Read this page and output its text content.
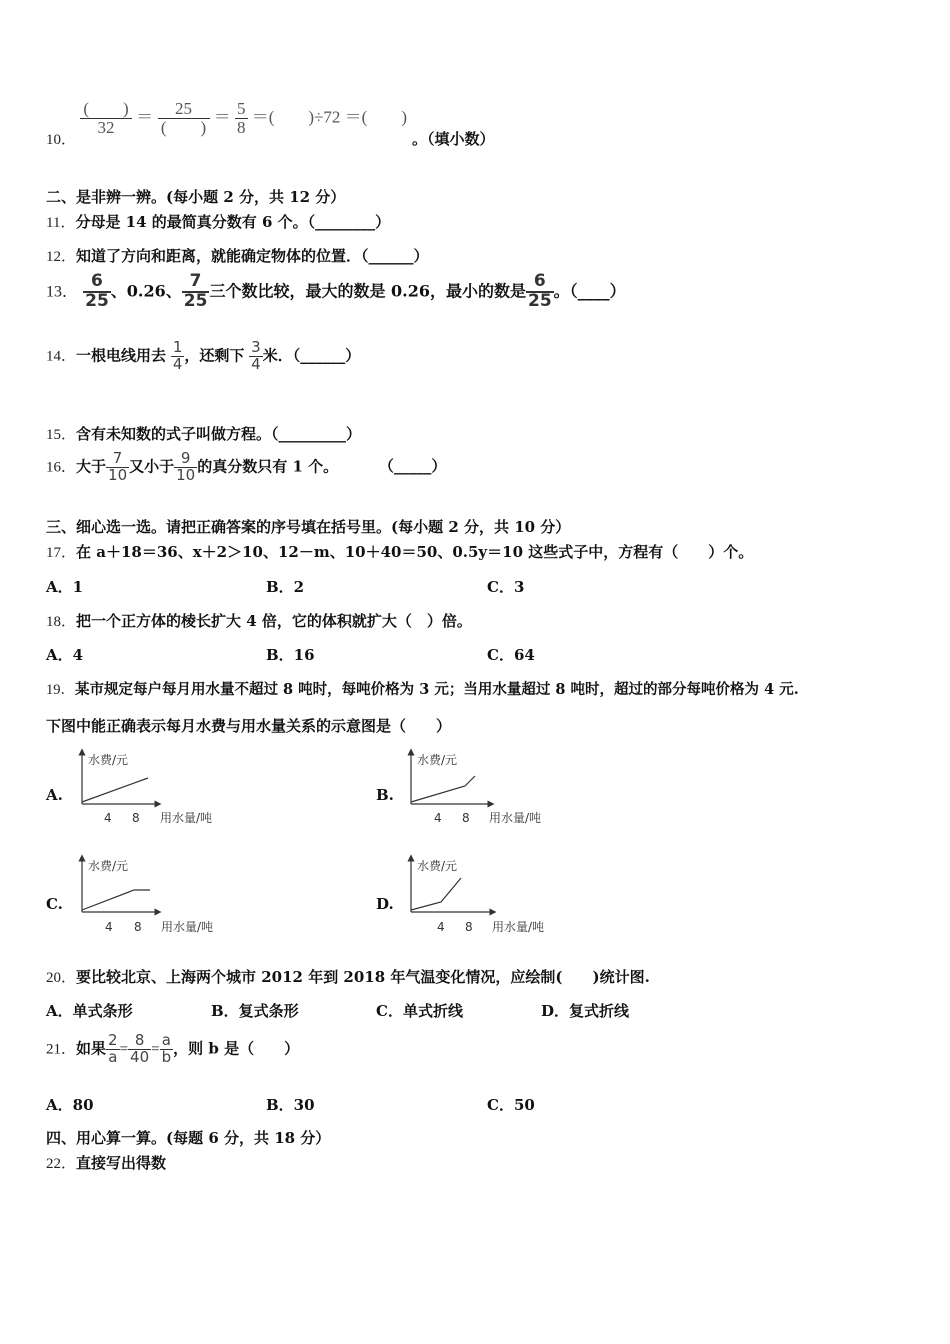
10．
$\frac{( )}{32} = \frac{25}{( )} = \frac{5}{8}$ ＝(　　)÷72 ＝(　　)
。（填小数）
二、是非辨一辨。(每小题 2 分，共 12 分）
11．分母是 14 的最简真分数有 6 个。（________）
12．知道了方向和距离，就能确定物体的位置．（______）
13． $\frac{6}{25}$ 、0.26、 $\frac{7}{25}$ 三个数比较，最大的数是 0.26，最小的数是 $\frac{6}{25}$ 。（____）
14．一根电线用去 $\frac{1}{4}$ ，还剩下 $\frac{3}{4}$ 米．（______）
15．含有未知数的式子叫做方程。（_________）
16．大于 $\frac{7}{10}$ 又小于 $\frac{9}{10}$ 的真分数只有 1 个。	（_____）
三、细心选一选。请把正确答案的序号填在括号里。(每小题 2 分，共 10 分）
17．在 a＋18＝36、x＋2＞10、12－m、10＋40＝50、0.5y＝10 这些式子中，方程有（　　）个。
A．1	B．2	C．3
18．把一个正方体的棱长扩大 4 倍，它的体积就扩大（　）倍。
A．4	B．16	C．64
19．某市规定每户每月用水量不超过 8 吨时，每吨价格为 3 元；当用水量超过 8 吨时，超过的部分每吨价格为 4 元.
下图中能正确表示每月水费与用水量关系的示意图是（　　）
A.
水费/元
4 8 用水量/吨
B.
水费/元
4 8 用水量/吨
C.
水费/元
4 8 用水量/吨
D.
水费/元
4 8 用水量/吨
20．要比较北京、上海两个城市 2012 年到 2018 年气温变化情况，应绘制(　　)统计图.
A．单式条形	B．复式条形	C．单式折线	D．复式折线
21．如果 $\frac{2}{a} = \frac{8}{40} = \frac{a}{b}$ ，则 b 是（　　）
A．80	B．30	C．50
四、用心算一算。(每题 6 分，共 18 分）
22．直接写出得数
